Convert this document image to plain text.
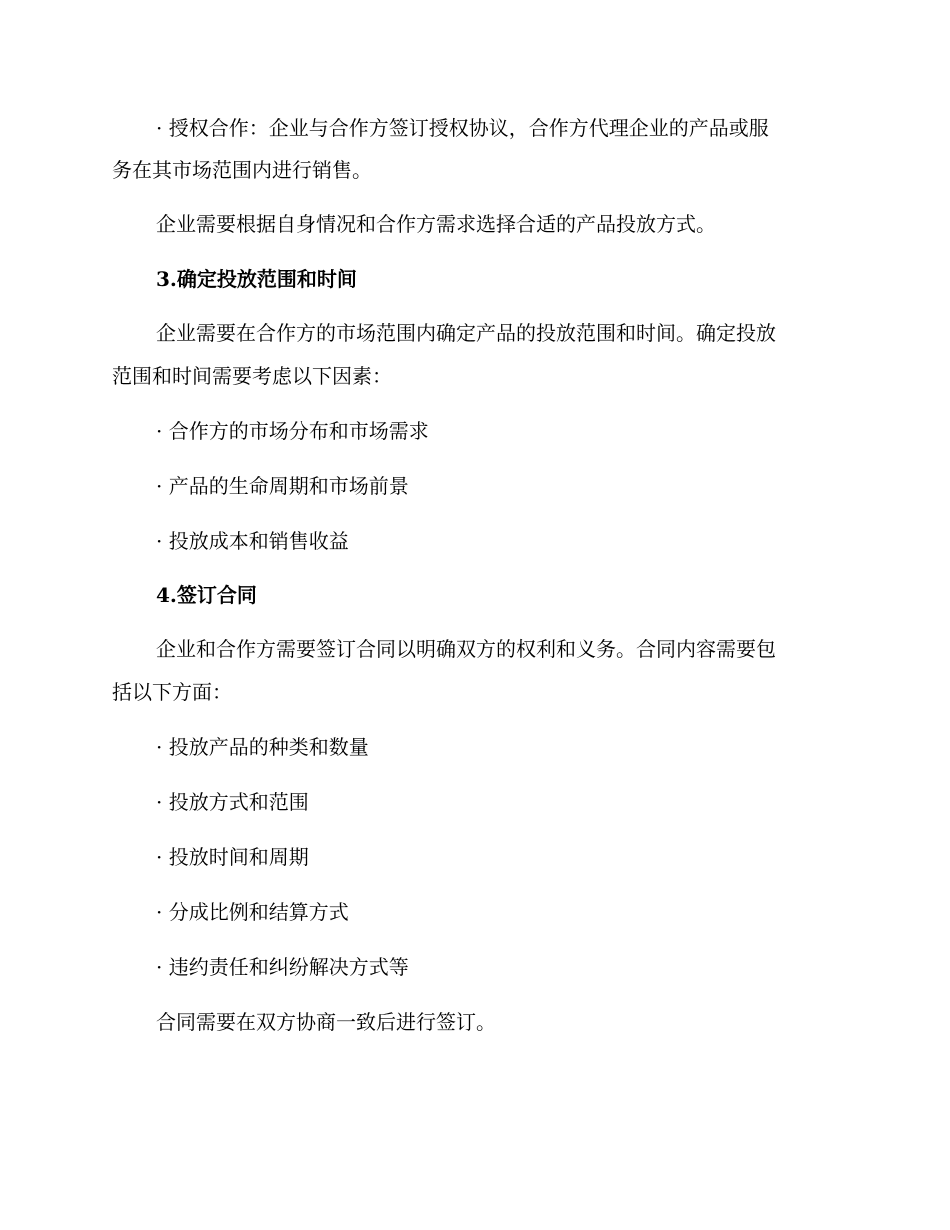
· 授权合作：企业与合作方签订授权协议，合作方代理企业的产品或服
务在其市场范围内进行销售。
企业需要根据自身情况和合作方需求选择合适的产品投放方式。
3.确定投放范围和时间
企业需要在合作方的市场范围内确定产品的投放范围和时间。确定投放
范围和时间需要考虑以下因素：
· 合作方的市场分布和市场需求
· 产品的生命周期和市场前景
· 投放成本和销售收益
4.签订合同
企业和合作方需要签订合同以明确双方的权利和义务。合同内容需要包
括以下方面：
· 投放产品的种类和数量
· 投放方式和范围
· 投放时间和周期
· 分成比例和结算方式
· 违约责任和纠纷解决方式等
合同需要在双方协商一致后进行签订。
